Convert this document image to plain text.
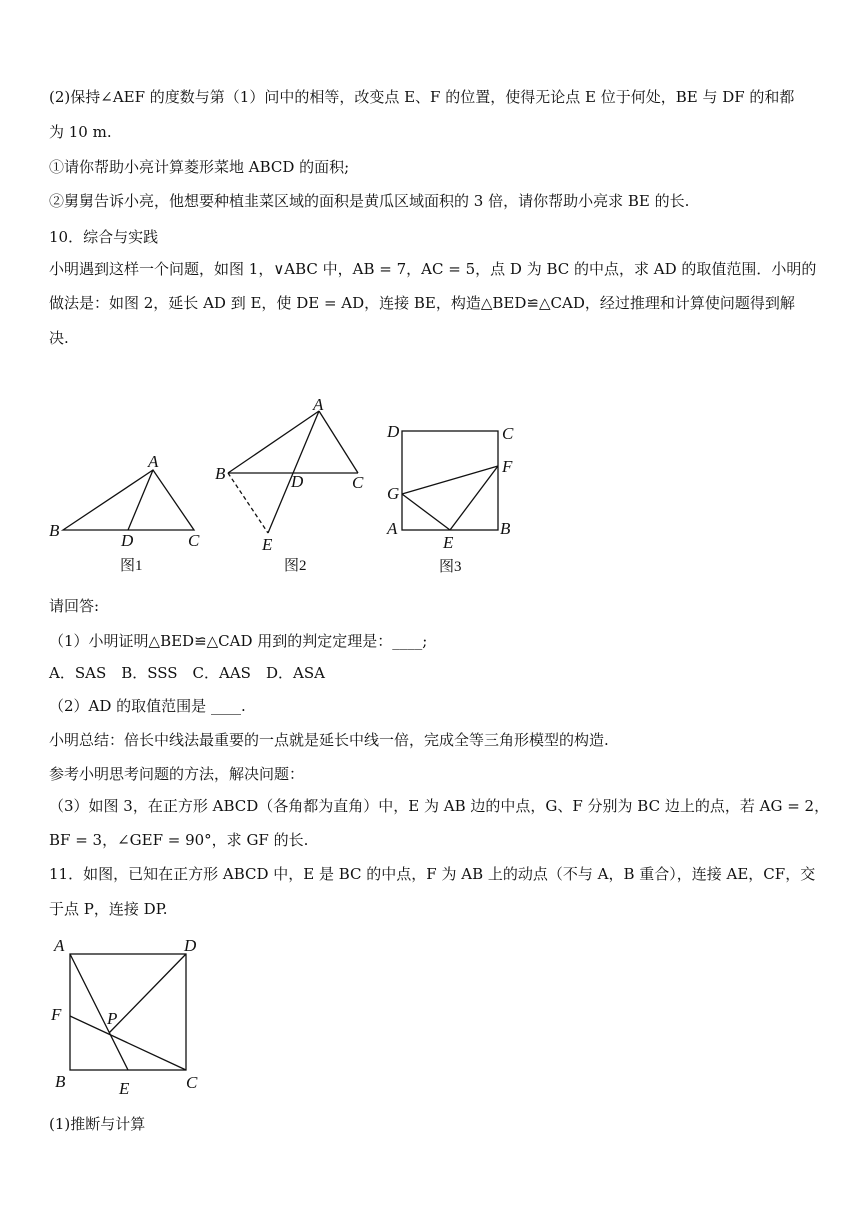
(2)保持∠AEF 的度数与第（1）问中的相等，改变点 E、F 的位置，使得无论点 E 位于何处，BE 与 DF 的和都
为 10 m.
①请你帮助小亮计算菱形菜地 ABCD 的面积;
②舅舅告诉小亮，他想要种植韭菜区域的面积是黄瓜区域面积的 3 倍，请你帮助小亮求 BE 的长.
10．综合与实践
小明遇到这样一个问题，如图 1，∨ABC 中，AB = 7，AC = 5，点 D 为 BC 的中点，求 AD 的取值范围．小明的
做法是：如图 2，延长 AD 到 E，使 DE = AD，连接 BE，构造△BED≌△CAD，经过推理和计算使问题得到解
决.
A
B
C
D
图1
A
B	C
D
E
图2
D	C
G
F
A	B
E
图3
请回答:
（1）小明证明△BED≌△CAD 用到的判定定理是：____;
A．SAS　B．SSS　C．AAS　D．ASA
（2）AD 的取值范围是 ____.
小明总结：倍长中线法最重要的一点就是延长中线一倍，完成全等三角形模型的构造.
参考小明思考问题的方法，解决问题：
（3）如图 3，在正方形 ABCD（各角都为直角）中，E 为 AB 边的中点，G、F 分别为 BC 边上的点，若 AG = 2，
BF = 3，∠GEF = 90°，求 GF 的长.
11．如图，已知在正方形 ABCD 中，E 是 BC 的中点，F 为 AB 上的动点（不与 A，B 重合），连接 AE，CF，交
于点 P，连接 DP.
A	D
F	P
B	E	C
(1)推断与计算
